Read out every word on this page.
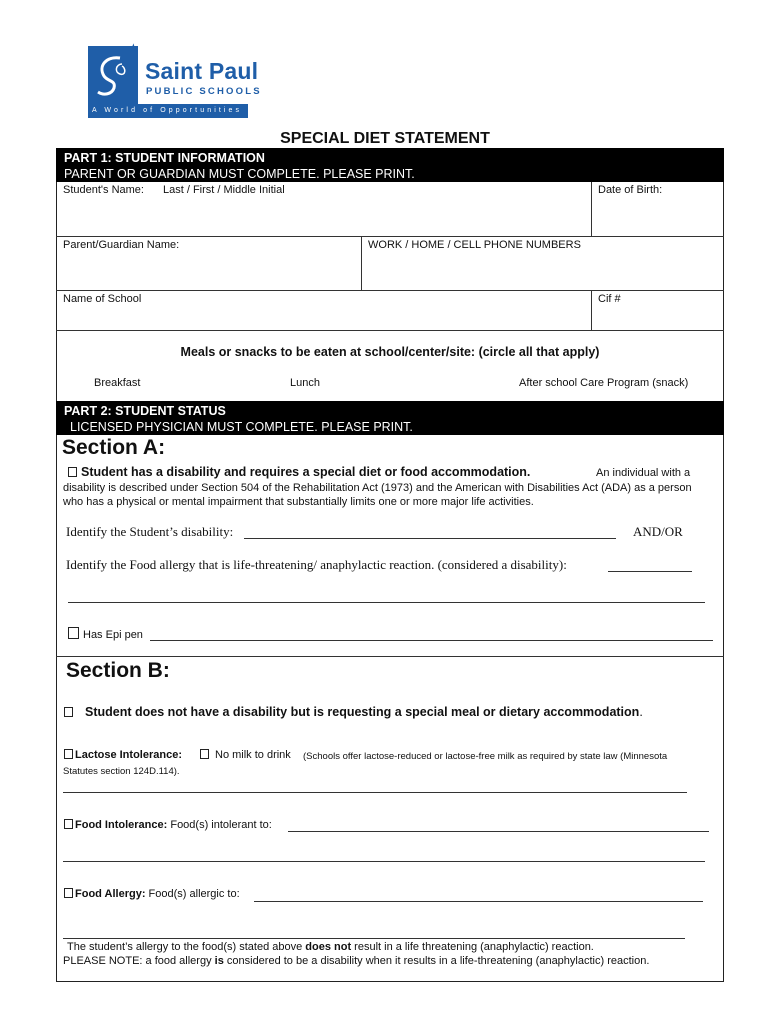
★
Saint Paul
PUBLIC SCHOOLS
A World of Opportunities
SPECIAL DIET STATEMENT
PART 1: STUDENT INFORMATION
PARENT OR GUARDIAN MUST COMPLETE. PLEASE PRINT.
Student's Name: Last / First / Middle Initial	Date of Birth:
Parent/Guardian Name:	WORK / HOME / CELL PHONE NUMBERS
Name of School	Cif #
Meals or snacks to be eaten at school/center/site: (circle all that apply)
Breakfast	Lunch	After school Care Program (snack)
PART 2: STUDENT STATUS
LICENSED PHYSICIAN MUST COMPLETE. PLEASE PRINT.
Section A:
Student has a disability and requires a special diet or food accommodation.	An individual with a
disability is described under Section 504 of the Rehabilitation Act (1973) and the American with Disabilities Act (ADA) as a person
who has a physical or mental impairment that substantially limits one or more major life activities.
Identify the Student’s disability:	AND/OR
Identify the Food allergy that is life-threatening/ anaphylactic reaction. (considered a disability):
Has Epi pen
Section B:
Student does not have a disability but is requesting a special meal or dietary accommodation.
Lactose Intolerance:	No milk to drink (Schools offer lactose-reduced or lactose-free milk as required by state law (Minnesota
Statutes section 124D.114).
Food Intolerance: Food(s) intolerant to:
Food Allergy: Food(s) allergic to:
The student’s allergy to the food(s) stated above does not result in a life threatening (anaphylactic) reaction.
PLEASE NOTE: a food allergy is considered to be a disability when it results in a life-threatening (anaphylactic) reaction.
